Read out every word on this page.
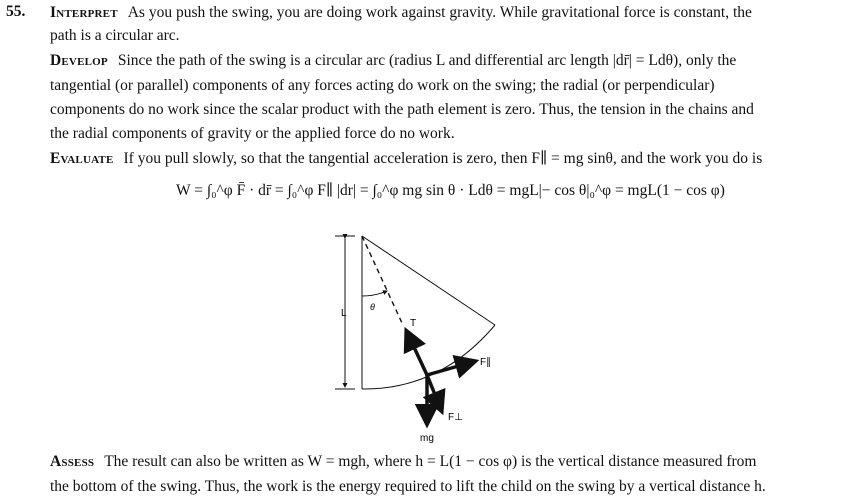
55. Interpret As you push the swing, you are doing work against gravity. While gravitational force is constant, the
path is a circular arc.
Develop Since the path of the swing is a circular arc (radius L and differential arc length |dr̄| = Ldθ), only the
tangential (or parallel) components of any forces acting do work on the swing; the radial (or perpendicular)
components do no work since the scalar product with the path element is zero. Thus, the tension in the chains and
the radial components of gravity or the applied force do no work.
Evaluate If you pull slowly, so that the tangential acceleration is zero, then F∥ = mg sinθ, and the work you do is
W = ∫₀^φ F̄ · dr̄ = ∫₀^φ F∥ |dr| = ∫₀^φ mg sin θ · Ldθ = mgL|− cos θ|₀^φ = mgL(1 − cos φ)
L
θ
T
F∥
F⊥
mg
Assess The result can also be written as W = mgh, where h = L(1 − cos φ) is the vertical distance measured from
the bottom of the swing. Thus, the work is the energy required to lift the child on the swing by a vertical distance h.
